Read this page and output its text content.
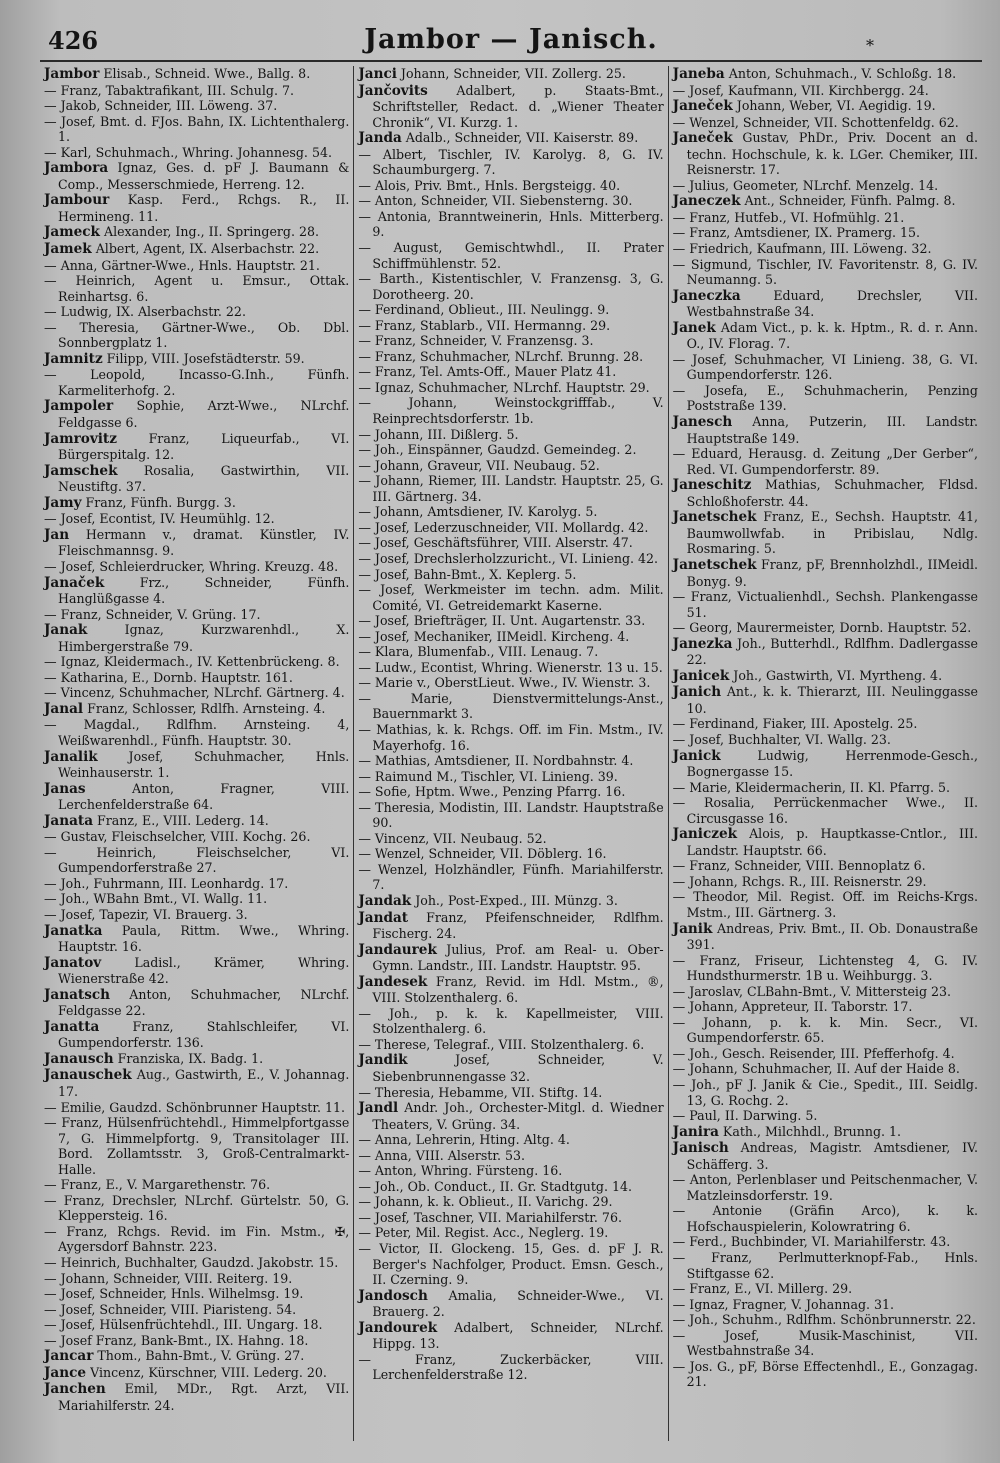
426	Jambor — Janisch.	*

Jambor Elisab., Schneid. Wwe., Ballg. 8.

— Franz, Tabaktrafikant, III. Schulg. 7.

— Jakob, Schneider, III. Löweng. 37.

— Josef, Bmt. d. FJos. Bahn, IX. Lichtenthalerg. 1.

— Karl, Schuhmach., Whring. Johannesg. 54.

Jambora Ignaz, Ges. d. pF J. Baumann & Comp., Messerschmiede, Herreng. 12.

Jambour Kasp. Ferd., Rchgs. R., II. Hermineng. 11.

Jameck Alexander, Ing., II. Springerg. 28.

Jamek Albert, Agent, IX. Alserbachstr. 22.

— Anna, Gärtner-Wwe., Hnls. Hauptstr. 21.

— Heinrich, Agent u. Emsur., Ottak. Reinhartsg. 6.

— Ludwig, IX. Alserbachstr. 22.

— Theresia, Gärtner-Wwe., Ob. Dbl. Sonnbergplatz 1.

Jamnitz Filipp, VIII. Josefstädterstr. 59.

— Leopold, Incasso-G.Inh., Fünfh. Karmeliterhofg. 2.

Jampoler Sophie, Arzt-Wwe., NLrchf. Feldgasse 6.

Jamrovitz Franz, Liqueurfab., VI. Bürgerspitalg. 12.

Jamschek Rosalia, Gastwirthin, VII. Neustiftg. 37.

Jamy Franz, Fünfh. Burgg. 3.

— Josef, Econtist, IV. Heumühlg. 12.

Jan Hermann v., dramat. Künstler, IV. Fleischmannsg. 9.

— Josef, Schleierdrucker, Whring. Kreuzg. 48.

Janaček Frz., Schneider, Fünfh. Hanglüßgasse 4.

— Franz, Schneider, V. Grüng. 17.

Janak Ignaz, Kurzwarenhdl., X. Himbergerstraße 79.

— Ignaz, Kleidermach., IV. Kettenbrückeng. 8.

— Katharina, E., Dornb. Hauptstr. 161.

— Vincenz, Schuhmacher, NLrchf. Gärtnerg. 4.

Janal Franz, Schlosser, Rdlfh. Arnsteing. 4.

— Magdal., Rdlfhm. Arnsteing. 4, Weißwarenhdl., Fünfh. Hauptstr. 30.

Janalik Josef, Schuhmacher, Hnls. Weinhauserstr. 1.

Janas Anton, Fragner, VIII. Lerchenfelderstraße 64.

Janata Franz, E., VIII. Lederg. 14.

— Gustav, Fleischselcher, VIII. Kochg. 26.

— Heinrich, Fleischselcher, VI. Gumpendorferstraße 27.

— Joh., Fuhrmann, III. Leonhardg. 17.

— Joh., WBahn Bmt., VI. Wallg. 11.

— Josef, Tapezir, VI. Brauerg. 3.

Janatka Paula, Rittm. Wwe., Whring. Hauptstr. 16.

Janatov Ladisl., Krämer, Whring. Wienerstraße 42.

Janatsch Anton, Schuhmacher, NLrchf. Feldgasse 22.

Janatta Franz, Stahlschleifer, VI. Gumpendorferstr. 136.

Janausch Franziska, IX. Badg. 1.

Janauschek Aug., Gastwirth, E., V. Johannag. 17.

— Emilie, Gaudzd. Schönbrunner Hauptstr. 11.

— Franz, Hülsenfrüchtehdl., Himmelpfortgasse 7, G. Himmelpfortg. 9, Transitolager III. Bord. Zollamtsstr. 3, Groß-Centralmarkt-Halle.

— Franz, E., V. Margarethenstr. 76.

— Franz, Drechsler, NLrchf. Gürtelstr. 50, G. Kleppersteig. 16.

— Franz, Rchgs. Revid. im Fin. Mstm., ✠, Aygersdorf Bahnstr. 223.

— Heinrich, Buchhalter, Gaudzd. Jakobstr. 15.

— Johann, Schneider, VIII. Reiterg. 19.

— Josef, Schneider, Hnls. Wilhelmsg. 19.

— Josef, Schneider, VIII. Piaristeng. 54.

— Josef, Hülsenfrüchtehdl., III. Ungarg. 18.

— Josef Franz, Bank-Bmt., IX. Hahng. 18.

Jancar Thom., Bahn-Bmt., V. Grüng. 27.

Jance Vincenz, Kürschner, VIII. Lederg. 20.

Janchen Emil, MDr., Rgt. Arzt, VII. Mariahilferstr. 24.

Janci Johann, Schneider, VII. Zollerg. 25.

Jančovits Adalbert, p. Staats-Bmt., Schriftsteller, Redact. d. „Wiener Theater Chronik“, VI. Kurzg. 1.

Janda Adalb., Schneider, VII. Kaiserstr. 89.

— Albert, Tischler, IV. Karolyg. 8, G. IV. Schaumburgerg. 7.

— Alois, Priv. Bmt., Hnls. Bergsteigg. 40.

— Anton, Schneider, VII. Siebensterng. 30.

— Antonia, Branntweinerin, Hnls. Mitterberg. 9.

— August, Gemischtwhdl., II. Prater Schiffmühlenstr. 52.

— Barth., Kistentischler, V. Franzensg. 3, G. Dorotheerg. 20.

— Ferdinand, Oblieut., III. Neulingg. 9.

— Franz, Stablarb., VII. Hermanng. 29.

— Franz, Schneider, V. Franzensg. 3.

— Franz, Schuhmacher, NLrchf. Brunng. 28.

— Franz, Tel. Amts-Off., Mauer Platz 41.

— Ignaz, Schuhmacher, NLrchf. Hauptstr. 29.

— Johann, Weinstockgrifffab., V. Reinprechtsdorferstr. 1b.

— Johann, III. Dißlerg. 5.

— Joh., Einspänner, Gaudzd. Gemeindeg. 2.

— Johann, Graveur, VII. Neubaug. 52.

— Johann, Riemer, III. Landstr. Hauptstr. 25, G. III. Gärtnerg. 34.

— Johann, Amtsdiener, IV. Karolyg. 5.

— Josef, Lederzuschneider, VII. Mollardg. 42.

— Josef, Geschäftsführer, VIII. Alserstr. 47.

— Josef, Drechslerholzzuricht., VI. Linieng. 42.

— Josef, Bahn-Bmt., X. Keplerg. 5.

— Josef, Werkmeister im techn. adm. Milit. Comité, VI. Getreidemarkt Kaserne.

— Josef, Briefträger, II. Unt. Augartenstr. 33.

— Josef, Mechaniker, IIMeidl. Kircheng. 4.

— Klara, Blumenfab., VIII. Lenaug. 7.

— Ludw., Econtist, Whring. Wienerstr. 13 u. 15.

— Marie v., OberstLieut. Wwe., IV. Wienstr. 3.

— Marie, Dienstvermittelungs-Anst., Bauernmarkt 3.

— Mathias, k. k. Rchgs. Off. im Fin. Mstm., IV. Mayerhofg. 16.

— Mathias, Amtsdiener, II. Nordbahnstr. 4.

— Raimund M., Tischler, VI. Linieng. 39.

— Sofie, Hptm. Wwe., Penzing Pfarrg. 16.

— Theresia, Modistin, III. Landstr. Hauptstraße 90.

— Vincenz, VII. Neubaug. 52.

— Wenzel, Schneider, VII. Döblerg. 16.

— Wenzel, Holzhändler, Fünfh. Mariahilferstr. 7.

Jandak Joh., Post-Exped., III. Münzg. 3.

Jandat Franz, Pfeifenschneider, Rdlfhm. Fischerg. 24.

Jandaurek Julius, Prof. am Real- u. Ober-Gymn. Landstr., III. Landstr. Hauptstr. 95.

Jandesek Franz, Revid. im Hdl. Mstm., ®, VIII. Stolzenthalerg. 6.

— Joh., p. k. k. Kapellmeister, VIII. Stolzenthalerg. 6.

— Therese, Telegraf., VIII. Stolzenthalerg. 6.

Jandik Josef, Schneider, V. Siebenbrunnengasse 32.

— Theresia, Hebamme, VII. Stiftg. 14.

Jandl Andr. Joh., Orchester-Mitgl. d. Wiedner Theaters, V. Grüng. 34.

— Anna, Lehrerin, Hting. Altg. 4.

— Anna, VIII. Alserstr. 53.

— Anton, Whring. Fürsteng. 16.

— Joh., Ob. Conduct., II. Gr. Stadtgutg. 14.

— Johann, k. k. Oblieut., II. Varichg. 29.

— Josef, Taschner, VII. Mariahilferstr. 76.

— Peter, Mil. Regist. Acc., Neglerg. 19.

— Victor, II. Glockeng. 15, Ges. d. pF J. R. Berger's Nachfolger, Product. Emsn. Gesch., II. Czerning. 9.

Jandosch Amalia, Schneider-Wwe., VI. Brauerg. 2.

Jandourek Adalbert, Schneider, NLrchf. Hippg. 13.

— Franz, Zuckerbäcker, VIII. Lerchenfelderstraße 12.

Janeba Anton, Schuhmach., V. Schloßg. 18.

— Josef, Kaufmann, VII. Kirchbergg. 24.

Janeček Johann, Weber, VI. Aegidig. 19.

— Wenzel, Schneider, VII. Schottenfeldg. 62.

Janeček Gustav, PhDr., Priv. Docent an d. techn. Hochschule, k. k. LGer. Chemiker, III. Reisnerstr. 17.

— Julius, Geometer, NLrchf. Menzelg. 14.

Janeczek Ant., Schneider, Fünfh. Palmg. 8.

— Franz, Hutfeb., VI. Hofmühlg. 21.

— Franz, Amtsdiener, IX. Pramerg. 15.

— Friedrich, Kaufmann, III. Löweng. 32.

— Sigmund, Tischler, IV. Favoritenstr. 8, G. IV. Neumanng. 5.

Janeczka Eduard, Drechsler, VII. Westbahnstraße 34.

Janek Adam Vict., p. k. k. Hptm., R. d. r. Ann. O., IV. Florag. 7.

— Josef, Schuhmacher, VI Linieng. 38, G. VI. Gumpendorferstr. 126.

— Josefa, E., Schuhmacherin, Penzing Poststraße 139.

Janesch Anna, Putzerin, III. Landstr. Hauptstraße 149.

— Eduard, Herausg. d. Zeitung „Der Gerber“, Red. VI. Gumpendorferstr. 89.

Janeschitz Mathias, Schuhmacher, Fldsd. Schloßhoferstr. 44.

Janetschek Franz, E., Sechsh. Hauptstr. 41, Baumwollwfab. in Pribislau, Ndlg. Rosmaring. 5.

Janetschek Franz, pF, Brennholzhdl., IIMeidl. Bonyg. 9.

— Franz, Victualienhdl., Sechsh. Plankengasse 51.

— Georg, Maurermeister, Dornb. Hauptstr. 52.

Janezka Joh., Butterhdl., Rdlfhm. Dadlergasse 22.

Janicek Joh., Gastwirth, VI. Myrtheng. 4.

Janich Ant., k. k. Thierarzt, III. Neulinggasse 10.

— Ferdinand, Fiaker, III. Apostelg. 25.

— Josef, Buchhalter, VI. Wallg. 23.

Janick Ludwig, Herrenmode-Gesch., Bognergasse 15.

— Marie, Kleidermacherin, II. Kl. Pfarrg. 5.

— Rosalia, Perrückenmacher Wwe., II. Circusgasse 16.

Janiczek Alois, p. Hauptkasse-Cntlor., III. Landstr. Hauptstr. 66.

— Franz, Schneider, VIII. Bennoplatz 6.

— Johann, Rchgs. R., III. Reisnerstr. 29.

— Theodor, Mil. Regist. Off. im Reichs-Krgs. Mstm., III. Gärtnerg. 3.

Janik Andreas, Priv. Bmt., II. Ob. Donaustraße 391.

— Franz, Friseur, Lichtensteg 4, G. IV. Hundsthurmerstr. 1B u. Weihburgg. 3.

— Jaroslav, CLBahn-Bmt., V. Mittersteig 23.

— Johann, Appreteur, II. Taborstr. 17.

— Johann, p. k. k. Min. Secr., VI. Gumpendorferstr. 65.

— Joh., Gesch. Reisender, III. Pfefferhofg. 4.

— Johann, Schuhmacher, II. Auf der Haide 8.

— Joh., pF J. Janik & Cie., Spedit., III. Seidlg. 13, G. Rochg. 2.

— Paul, II. Darwing. 5.

Janira Kath., Milchhdl., Brunng. 1.

Janisch Andreas, Magistr. Amtsdiener, IV. Schäfferg. 3.

— Anton, Perlenblaser und Peitschenmacher, V. Matzleinsdorferstr. 19.

— Antonie (Gräfin Arco), k. k. Hofschauspielerin, Kolowratring 6.

— Ferd., Buchbinder, VI. Mariahilferstr. 43.

— Franz, Perlmutterknopf-Fab., Hnls. Stiftgasse 62.

— Franz, E., VI. Millerg. 29.

— Ignaz, Fragner, V. Johannag. 31.

— Joh., Schuhm., Rdlfhm. Schönbrunnerstr. 22.

— Josef, Musik-Maschinist, VII. Westbahnstraße 34.

— Jos. G., pF, Börse Effectenhdl., E., Gonzagag. 21.
